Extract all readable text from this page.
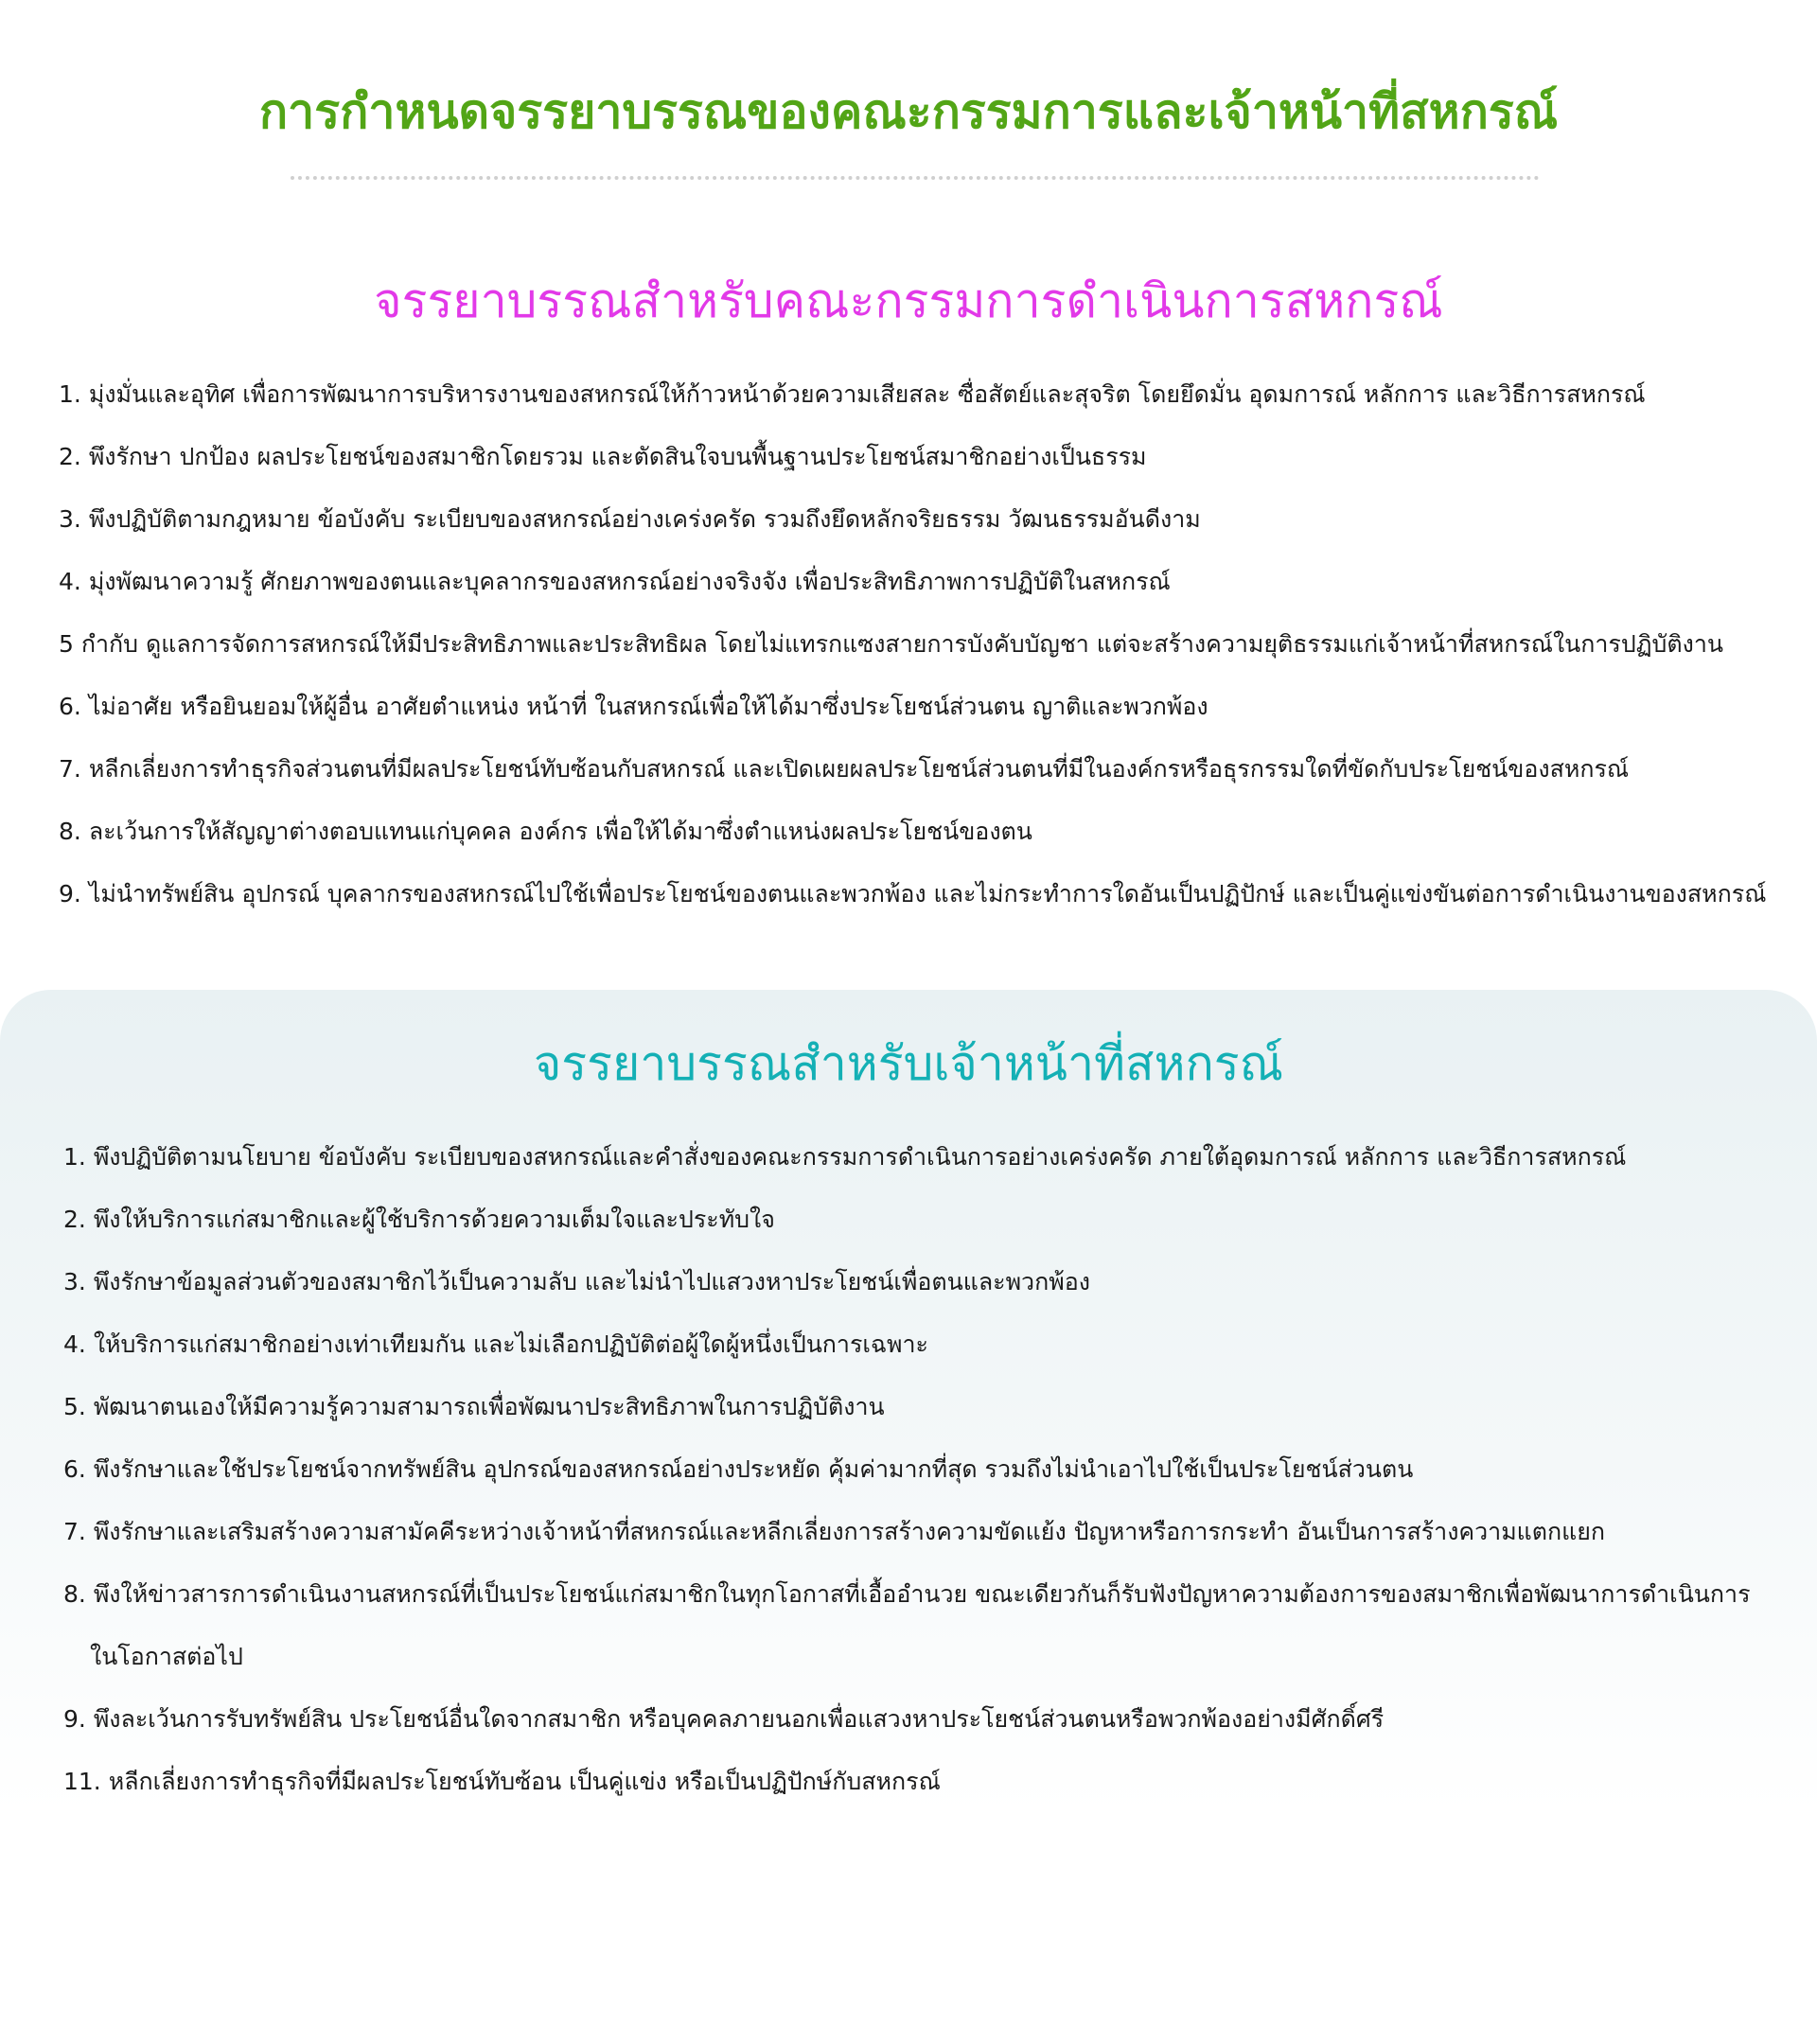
การกำหนดจรรยาบรรณของคณะกรรมการและเจ้าหน้าที่สหกรณ์
จรรยาบรรณสำหรับคณะกรรมการดำเนินการสหกรณ์
1. มุ่งมั่นและอุทิศ เพื่อการพัฒนาการบริหารงานของสหกรณ์ให้ก้าวหน้าด้วยความเสียสละ ซื่อสัตย์และสุจริต โดยยึดมั่น อุดมการณ์ หลักการ และวิธีการสหกรณ์
2. พึงรักษา ปกป้อง ผลประโยชน์ของสมาชิกโดยรวม และตัดสินใจบนพื้นฐานประโยชน์สมาชิกอย่างเป็นธรรม
3. พึงปฏิบัติตามกฎหมาย ข้อบังคับ ระเบียบของสหกรณ์อย่างเคร่งครัด รวมถึงยึดหลักจริยธรรม วัฒนธรรมอันดีงาม
4. มุ่งพัฒนาความรู้ ศักยภาพของตนและบุคลากรของสหกรณ์อย่างจริงจัง เพื่อประสิทธิภาพการปฏิบัติในสหกรณ์
5 กำกับ ดูแลการจัดการสหกรณ์ให้มีประสิทธิภาพและประสิทธิผล โดยไม่แทรกแซงสายการบังคับบัญชา แต่จะสร้างความยุติธรรมแก่เจ้าหน้าที่สหกรณ์ในการปฏิบัติงาน
6. ไม่อาศัย หรือยินยอมให้ผู้อื่น อาศัยตำแหน่ง หน้าที่ ในสหกรณ์เพื่อให้ได้มาซึ่งประโยชน์ส่วนตน ญาติและพวกพ้อง
7. หลีกเลี่ยงการทำธุรกิจส่วนตนที่มีผลประโยชน์ทับซ้อนกับสหกรณ์ และเปิดเผยผลประโยชน์ส่วนตนที่มีในองค์กรหรือธุรกรรมใดที่ขัดกับประโยชน์ของสหกรณ์
8. ละเว้นการให้สัญญาต่างตอบแทนแก่บุคคล องค์กร เพื่อให้ได้มาซึ่งตำแหน่งผลประโยชน์ของตน
9. ไม่นำทรัพย์สิน อุปกรณ์ บุคลากรของสหกรณ์ไปใช้เพื่อประโยชน์ของตนและพวกพ้อง และไม่กระทำการใดอันเป็นปฏิปักษ์ และเป็นคู่แข่งขันต่อการดำเนินงานของสหกรณ์
จรรยาบรรณสำหรับเจ้าหน้าที่สหกรณ์
1. พึงปฏิบัติตามนโยบาย ข้อบังคับ ระเบียบของสหกรณ์และคำสั่งของคณะกรรมการดำเนินการอย่างเคร่งครัด ภายใต้อุดมการณ์ หลักการ และวิธีการสหกรณ์
2. พึงให้บริการแก่สมาชิกและผู้ใช้บริการด้วยความเต็มใจและประทับใจ
3. พึงรักษาข้อมูลส่วนตัวของสมาชิกไว้เป็นความลับ และไม่นำไปแสวงหาประโยชน์เพื่อตนและพวกพ้อง
4. ให้บริการแก่สมาชิกอย่างเท่าเทียมกัน และไม่เลือกปฏิบัติต่อผู้ใดผู้หนึ่งเป็นการเฉพาะ
5. พัฒนาตนเองให้มีความรู้ความสามารถเพื่อพัฒนาประสิทธิภาพในการปฏิบัติงาน
6. พึงรักษาและใช้ประโยชน์จากทรัพย์สิน อุปกรณ์ของสหกรณ์อย่างประหยัด คุ้มค่ามากที่สุด รวมถึงไม่นำเอาไปใช้เป็นประโยชน์ส่วนตน
7. พึงรักษาและเสริมสร้างความสามัคคีระหว่างเจ้าหน้าที่สหกรณ์และหลีกเลี่ยงการสร้างความขัดแย้ง ปัญหาหรือการกระทำ อันเป็นการสร้างความแตกแยก
8. พึงให้ข่าวสารการดำเนินงานสหกรณ์ที่เป็นประโยชน์แก่สมาชิกในทุกโอกาสที่เอื้ออำนวย ขณะเดียวกันก็รับฟังปัญหาความต้องการของสมาชิกเพื่อพัฒนาการดำเนินการ
ในโอกาสต่อไป
9. พึงละเว้นการรับทรัพย์สิน ประโยชน์อื่นใดจากสมาชิก หรือบุคคลภายนอกเพื่อแสวงหาประโยชน์ส่วนตนหรือพวกพ้องอย่างมีศักดิ์ศรี
11. หลีกเลี่ยงการทำธุรกิจที่มีผลประโยชน์ทับซ้อน เป็นคู่แข่ง หรือเป็นปฏิปักษ์กับสหกรณ์
